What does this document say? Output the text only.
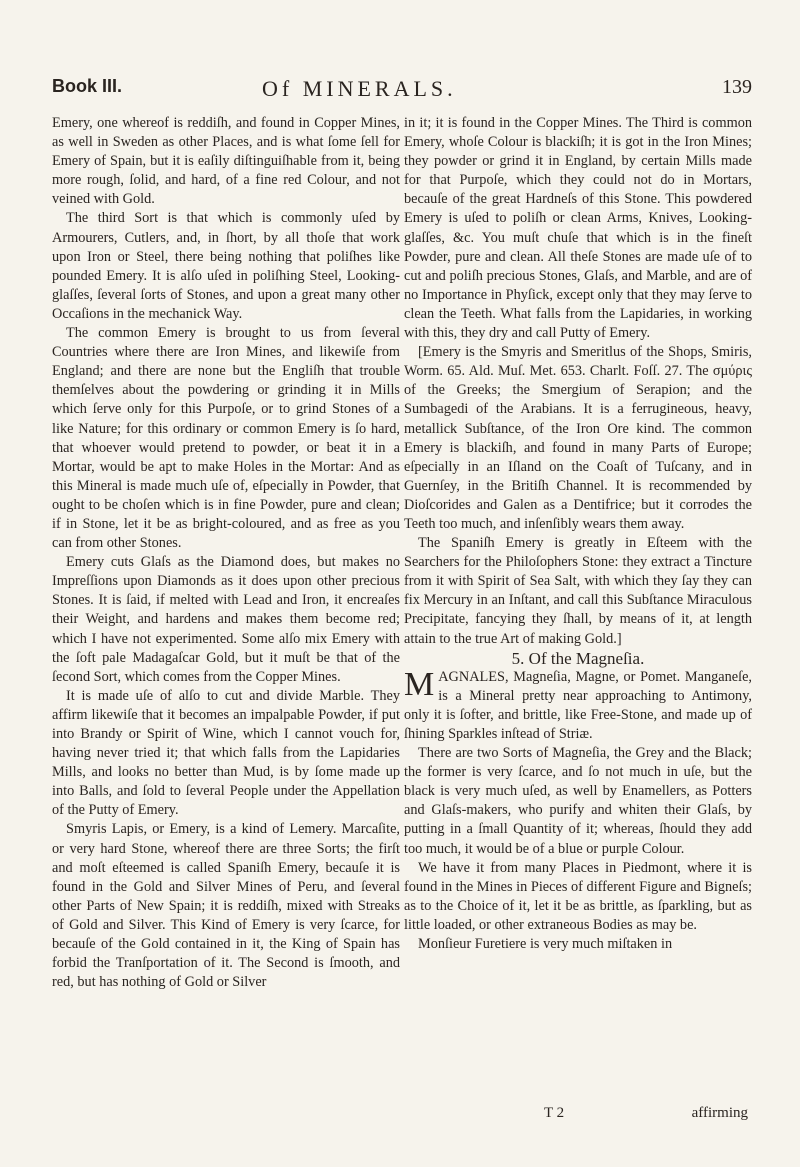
Book III.	Of MINERALS.	139

Emery, one whereof is reddiſh, and found in Copper Mines, as well in Sweden as other Places, and is what ſome ſell for Emery of Spain, but it is eaſily diſtinguiſhable from it, being more rough, ſolid, and hard, of a fine red Colour, and not veined with Gold.

The third Sort is that which is commonly uſed by Armourers, Cutlers, and, in ſhort, by all thoſe that work upon Iron or Steel, there being nothing that poliſhes like pounded Emery. It is alſo uſed in poliſhing Steel, Looking-glaſſes, ſeveral ſorts of Stones, and upon a great many other Occaſions in the mechanick Way.

The common Emery is brought to us from ſeveral Countries where there are Iron Mines, and likewiſe from England; and there are none but the Engliſh that trouble themſelves about the powdering or grinding it in Mills which ſerve only for this Purpoſe, or to grind Stones of a like Nature; for this ordinary or common Emery is ſo hard, that whoever would pretend to powder, or beat it in a Mortar, would be apt to make Holes in the Mortar: And as this Mineral is made much uſe of, eſpecially in Powder, that ought to be choſen which is in fine Powder, pure and clean; if in Stone, let it be as bright-coloured, and as free as you can from other Stones.

Emery cuts Glaſs as the Diamond does, but makes no Impreſſions upon Diamonds as it does upon other precious Stones. It is ſaid, if melted with Lead and Iron, it encreaſes their Weight, and hardens and makes them become red; which I have not experimented. Some alſo mix Emery with the ſoft pale Madagaſcar Gold, but it muſt be that of the ſecond Sort, which comes from the Copper Mines.

It is made uſe of alſo to cut and divide Marble. They affirm likewiſe that it becomes an impalpable Powder, if put into Brandy or Spirit of Wine, which I cannot vouch for, having never tried it; that which falls from the Lapidaries Mills, and looks no better than Mud, is by ſome made up into Balls, and ſold to ſeveral People under the Appellation of the Putty of Emery.

Smyris Lapis, or Emery, is a kind of Lemery. Marcaſite, or very hard Stone, whereof there are three Sorts; the firſt and moſt eſteemed is called Spaniſh Emery, becauſe it is found in the Gold and Silver Mines of Peru, and ſeveral other Parts of New Spain; it is reddiſh, mixed with Streaks of Gold and Silver. This Kind of Emery is very ſcarce, for becauſe of the Gold contained in it, the King of Spain has forbid the Tranſportation of it. The Second is ſmooth, and red, but has nothing of Gold or Silver

in it; it is found in the Copper Mines. The Third is common Emery, whoſe Colour is blackiſh; it is got in the Iron Mines; they powder or grind it in England, by certain Mills made for that Purpoſe, which they could not do in Mortars, becauſe of the great Hardneſs of this Stone. This powdered Emery is uſed to poliſh or clean Arms, Knives, Looking-glaſſes, &c. You muſt chuſe that which is in the fineſt Powder, pure and clean. All theſe Stones are made uſe of to cut and poliſh precious Stones, Glaſs, and Marble, and are of no Importance in Phyſick, except only that they may ſerve to clean the Teeth. What falls from the Lapidaries, in working with this, they dry and call Putty of Emery.

[Emery is the Smyris and Smeritlus of the Shops, Smiris, Worm. 65. Ald. Muſ. Met. 653. Charlt. Foſſ. 27. The σμύρις of the Greeks; the Smergium of Serapion; and the Sumbagedi of the Arabians. It is a ferrugineous, heavy, metallick Subſtance, of the Iron Ore kind. The common Emery is blackiſh, and found in many Parts of Europe; eſpecially in an Iſland on the Coaſt of Tuſcany, and in Guernſey, in the Britiſh Channel. It is recommended by Dioſcorides and Galen as a Dentifrice; but it corrodes the Teeth too much, and inſenſibly wears them away.

The Spaniſh Emery is greatly in Eſteem with the Searchers for the Philoſophers Stone: they extract a Tincture from it with Spirit of Sea Salt, with which they ſay they can fix Mercury in an Inſtant, and call this Subſtance Miraculous Precipitate, fancying they ſhall, by means of it, at length attain to the true Art of making Gold.]

5. Of the Magneſia.

MAGNALES, Magneſia, Magne, or Pomet. Manganeſe, is a Mineral pretty near approaching to Antimony, only it is ſofter, and brittle, like Free-Stone, and made up of ſhining Sparkles inſtead of Striæ.

There are two Sorts of Magneſia, the Grey and the Black; the former is very ſcarce, and ſo not much in uſe, but the black is very much uſed, as well by Enamellers, as Potters and Glaſs-makers, who purify and whiten their Glaſs, by putting in a ſmall Quantity of it; whereas, ſhould they add too much, it would be of a blue or purple Colour.

We have it from many Places in Piedmont, where it is found in the Mines in Pieces of different Figure and Bigneſs; as to the Choice of it, let it be as brittle, as ſparkling, but as little loaded, or other extraneous Bodies as may be.

Monſieur Furetiere is very much miſtaken in

T 2	affirming
